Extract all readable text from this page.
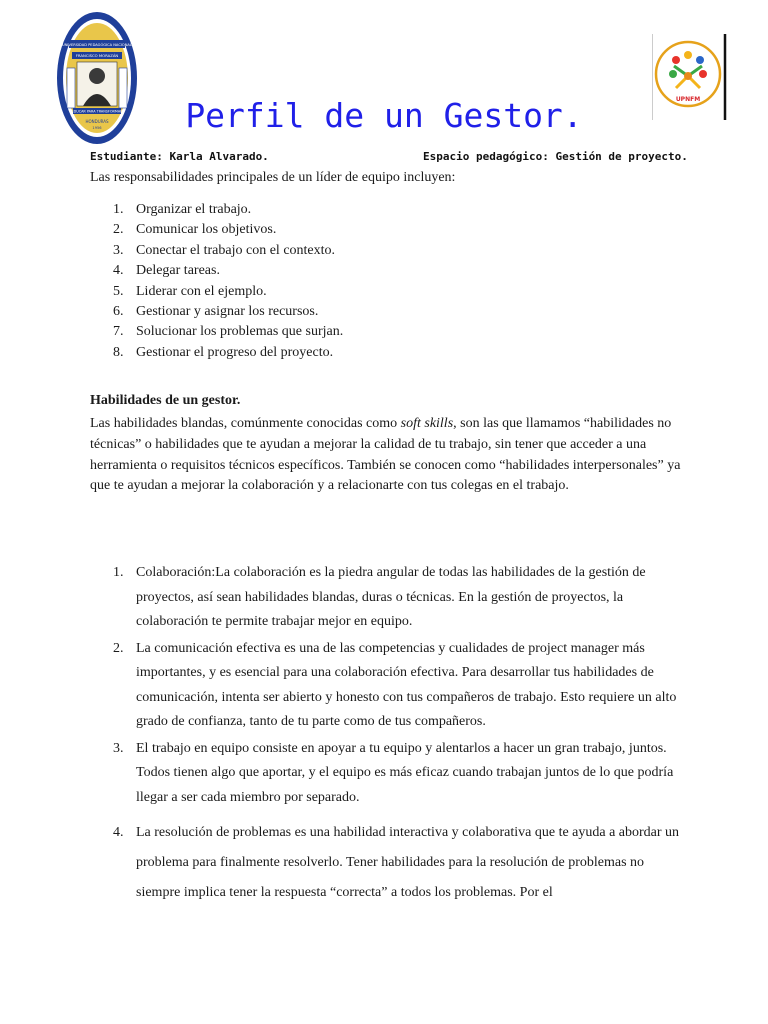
UNIVERSIDAD PEDAGÓGICA NACIONAL
FRANCISCO MORAZÁN
EDUCAR PARA TRANSFORMAR
HONDURAS
1956
UPNFM
Perfil de un Gestor.
Estudiante: Karla Alvarado.	Espacio pedagógico: Gestión de proyecto.

Las responsabilidades principales de un líder de equipo incluyen:

1. Organizar el trabajo.
2. Comunicar los objetivos.
3. Conectar el trabajo con el contexto.
4. Delegar tareas.
5. Liderar con el ejemplo.
6. Gestionar y asignar los recursos.
7. Solucionar los problemas que surjan.
8. Gestionar el progreso del proyecto.
Habilidades de un gestor.

Las habilidades blandas, comúnmente conocidas como soft skills, son las que llamamos “habilidades no técnicas” o habilidades que te ayudan a mejorar la calidad de tu trabajo, sin tener que acceder a una herramienta o requisitos técnicos específicos. También se conocen como “habilidades interpersonales” ya que te ayudan a mejorar la colaboración y a relacionarte con tus colegas en el trabajo.

1. Colaboración:La colaboración es la piedra angular de todas las habilidades de la gestión de proyectos, así sean habilidades blandas, duras o técnicas. En la gestión de proyectos, la colaboración te permite trabajar mejor en equipo.
2. La comunicación efectiva es una de las competencias y cualidades de project manager más importantes, y es esencial para una colaboración efectiva. Para desarrollar tus habilidades de comunicación, intenta ser abierto y honesto con tus compañeros de trabajo. Esto requiere un alto grado de confianza, tanto de tu parte como de tus compañeros.
3. El trabajo en equipo consiste en apoyar a tu equipo y alentarlos a hacer un gran trabajo, juntos. Todos tienen algo que aportar, y el equipo es más eficaz cuando trabajan juntos de lo que podría llegar a ser cada miembro por separado.
4. La resolución de problemas es una habilidad interactiva y colaborativa que te ayuda a abordar un problema para finalmente resolverlo. Tener habilidades para la resolución de problemas no siempre implica tener la respuesta “correcta” a todos los problemas. Por el
